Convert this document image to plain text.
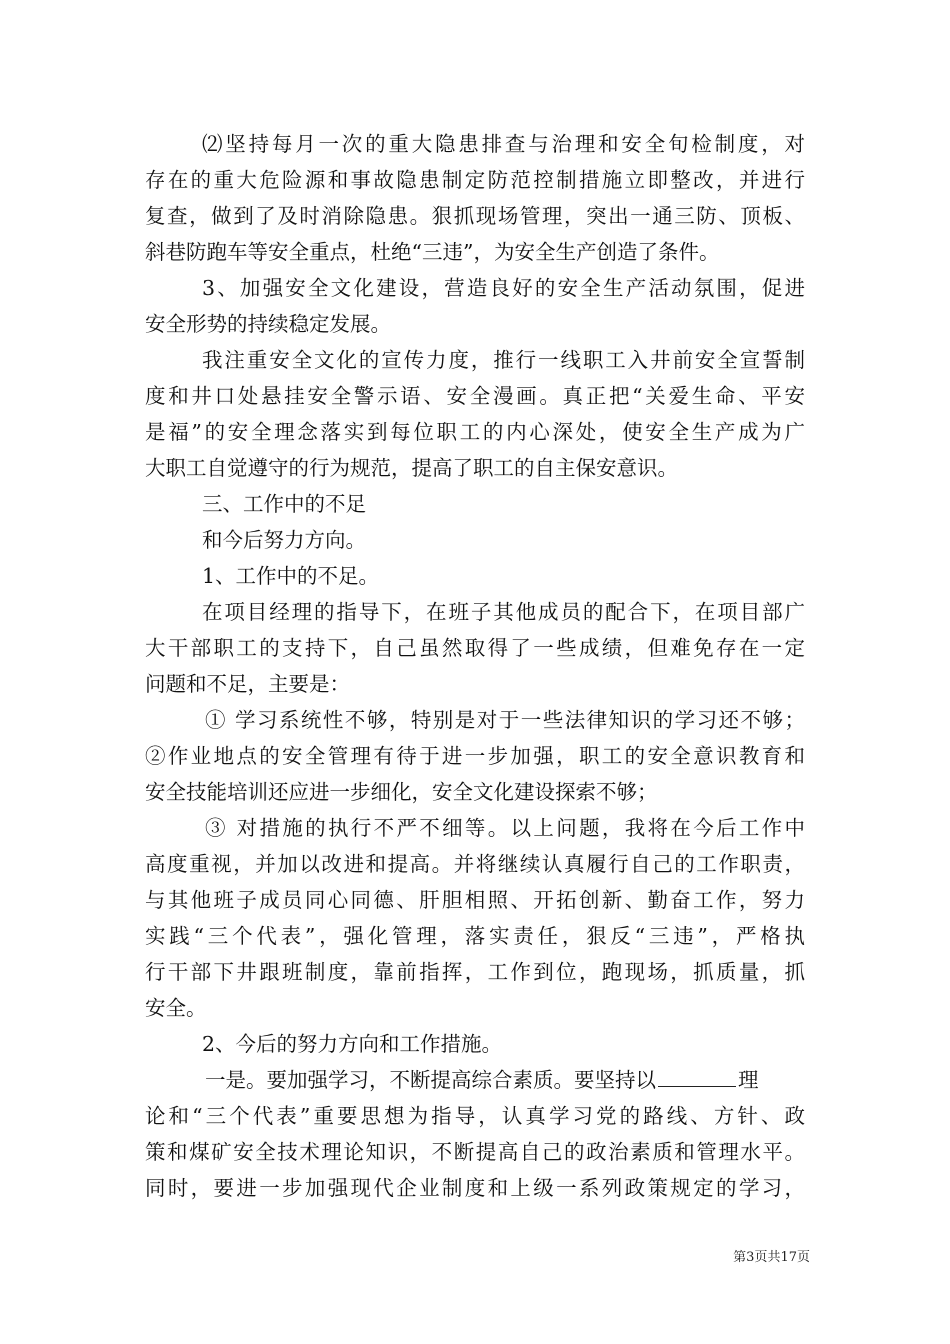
⑵坚持每月一次的重大隐患排查与治理和安全旬检制度，对
存在的重大危险源和事故隐患制定防范控制措施立即整改，并进行
复查，做到了及时消除隐患。狠抓现场管理，突出一通三防、顶板、
斜巷防跑车等安全重点，杜绝“三违”，为安全生产创造了条件。
3、加强安全文化建设，营造良好的安全生产活动氛围，促进
安全形势的持续稳定发展。
我注重安全文化的宣传力度，推行一线职工入井前安全宣誓制
度和井口处悬挂安全警示语、安全漫画。真正把“关爱生命、平安
是福”的安全理念落实到每位职工的内心深处，使安全生产成为广
大职工自觉遵守的行为规范，提高了职工的自主保安意识。
三、工作中的不足
和今后努力方向。
1、工作中的不足。
在项目经理的指导下，在班子其他成员的配合下，在项目部广
大干部职工的支持下，自己虽然取得了一些成绩，但难免存在一定
问题和不足，主要是：
① 学习系统性不够，特别是对于一些法律知识的学习还不够；
②作业地点的安全管理有待于进一步加强，职工的安全意识教育和
安全技能培训还应进一步细化，安全文化建设探索不够；
③ 对措施的执行不严不细等。以上问题，我将在今后工作中
高度重视，并加以改进和提高。并将继续认真履行自己的工作职责，
与其他班子成员同心同德、肝胆相照、开拓创新、勤奋工作，努力
实践“三个代表”，强化管理，落实责任，狠反“三违”，严格执
行干部下井跟班制度，靠前指挥，工作到位，跑现场，抓质量，抓
安全。
2、今后的努力方向和工作措施。
一是。要加强学习，不断提高综合素质。要坚持以	理
论和“三个代表”重要思想为指导，认真学习党的路线、方针、政
策和煤矿安全技术理论知识，不断提高自己的政治素质和管理水平。
同时，要进一步加强现代企业制度和上级一系列政策规定的学习，
第3页共17页
